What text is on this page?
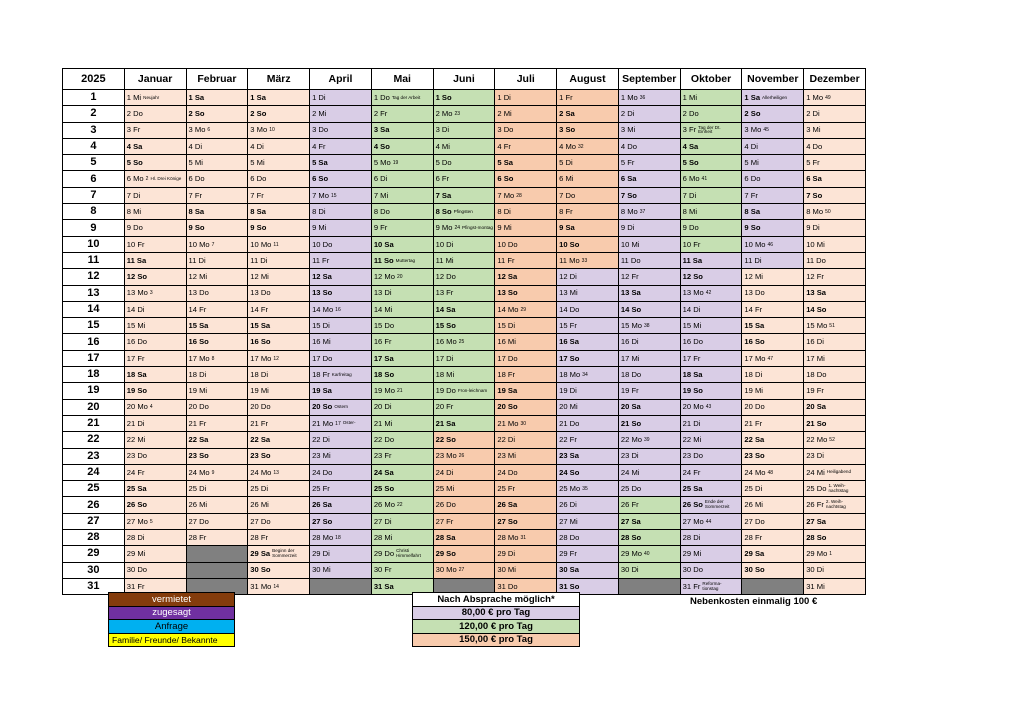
2025	Januar	Februar	März	April	Mai	Juni	Juli	August	September	Oktober	November	Dezember
1	1 Mi Neujahr	1 Sa	1 Sa	1 Di	1 Do Tag der Arbeit	1 So	1 Di	1 Fr	1 Mo 36	1 Mi	1 Sa Allerheiligen	1 Mo 49
2	2 Do	2 So	2 So	2 Mi	2 Fr	2 Mo 23	2 Mi	2 Sa	2 Di	2 Do	2 So	2 Di
3	3 Fr	3 Mo 6	3 Mo 10	3 Do	3 Sa	3 Di	3 Do	3 So	3 Mi	3 Fr Tag der Dt. Einheit	3 Mo 45	3 Mi
4	4 Sa	4 Di	4 Di	4 Fr	4 So	4 Mi	4 Fr	4 Mo 32	4 Do	4 Sa	4 Di	4 Do
5	5 So	5 Mi	5 Mi	5 Sa	5 Mo 19	5 Do	5 Sa	5 Di	5 Fr	5 So	5 Mi	5 Fr
6	6 Mo 2 Hl. Drei Könige	6 Do	6 Do	6 So	6 Di	6 Fr	6 So	6 Mi	6 Sa	6 Mo 41	6 Do	6 Sa
7	7 Di	7 Fr	7 Fr	7 Mo 15	7 Mi	7 Sa	7 Mo 28	7 Do	7 So	7 Di	7 Fr	7 So
8	8 Mi	8 Sa	8 Sa	8 Di	8 Do	8 So Pfingsten	8 Di	8 Fr	8 Mo 37	8 Mi	8 Sa	8 Mo 50
9	9 Do	9 So	9 So	9 Mi	9 Fr	9 Mo 24 Pfingst-montag	9 Mi	9 Sa	9 Di	9 Do	9 So	9 Di
10	10 Fr	10 Mo 7	10 Mo 11	10 Do	10 Sa	10 Di	10 Do	10 So	10 Mi	10 Fr	10 Mo 46	10 Mi
11	11 Sa	11 Di	11 Di	11 Fr	11 So Muttertag	11 Mi	11 Fr	11 Mo 33	11 Do	11 Sa	11 Di	11 Do
12	12 So	12 Mi	12 Mi	12 Sa	12 Mo 20	12 Do	12 Sa	12 Di	12 Fr	12 So	12 Mi	12 Fr
13	13 Mo 3	13 Do	13 Do	13 So	13 Di	13 Fr	13 So	13 Mi	13 Sa	13 Mo 42	13 Do	13 Sa
14	14 Di	14 Fr	14 Fr	14 Mo 16	14 Mi	14 Sa	14 Mo 29	14 Do	14 So	14 Di	14 Fr	14 So
15	15 Mi	15 Sa	15 Sa	15 Di	15 Do	15 So	15 Di	15 Fr	15 Mo 38	15 Mi	15 Sa	15 Mo 51
16	16 Do	16 So	16 So	16 Mi	16 Fr	16 Mo 25	16 Mi	16 Sa	16 Di	16 Do	16 So	16 Di
17	17 Fr	17 Mo 8	17 Mo 12	17 Do	17 Sa	17 Di	17 Do	17 So	17 Mi	17 Fr	17 Mo 47	17 Mi
18	18 Sa	18 Di	18 Di	18 Fr Karfreitag	18 So	18 Mi	18 Fr	18 Mo 34	18 Do	18 Sa	18 Di	18 Do
19	19 So	19 Mi	19 Mi	19 Sa	19 Mo 21	19 Do Fron-leichnam	19 Sa	19 Di	19 Fr	19 So	19 Mi	19 Fr
20	20 Mo 4	20 Do	20 Do	20 So Ostern	20 Di	20 Fr	20 So	20 Mi	20 Sa	20 Mo 43	20 Do	20 Sa
21	21 Di	21 Fr	21 Fr	21 Mo 17 Oster-	21 Mi	21 Sa	21 Mo 30	21 Do	21 So	21 Di	21 Fr	21 So
22	22 Mi	22 Sa	22 Sa	22 Di	22 Do	22 So	22 Di	22 Fr	22 Mo 39	22 Mi	22 Sa	22 Mo 52
23	23 Do	23 So	23 So	23 Mi	23 Fr	23 Mo 26	23 Mi	23 Sa	23 Di	23 Do	23 So	23 Di
24	24 Fr	24 Mo 9	24 Mo 13	24 Do	24 Sa	24 Di	24 Do	24 So	24 Mi	24 Fr	24 Mo 48	24 Mi Heiligabend
25	25 Sa	25 Di	25 Di	25 Fr	25 So	25 Mi	25 Fr	25 Mo 35	25 Do	25 Sa	25 Di	25 Do 1. Weih-nachtstag
26	26 So	26 Mi	26 Mi	26 Sa	26 Mo 22	26 Do	26 Sa	26 Di	26 Fr	26 So Ende der Sommerzeit	26 Mi	26 Fr 2. Weih-nachtstag
27	27 Mo 5	27 Do	27 Do	27 So	27 Di	27 Fr	27 So	27 Mi	27 Sa	27 Mo 44	27 Do	27 Sa
28	28 Di	28 Fr	28 Fr	28 Mo 18	28 Mi	28 Sa	28 Mo 31	28 Do	28 So	28 Di	28 Fr	28 So
29	29 Mi		29 Sa Beginn der Sommerzeit	29 Di	29 Do Christi Himmelfahrt	29 So	29 Di	29 Fr	29 Mo 40	29 Mi	29 Sa	29 Mo 1
30	30 Do		30 So	30 Mi	30 Fr	30 Mo 27	30 Mi	30 Sa	30 Di	30 Do	30 So	30 Di
31	31 Fr		31 Mo 14		31 Sa		31 Do	31 So		31 Fr Reforma-tionstag		31 Mi
vermietet
zugesagt
Anfrage
Familie/ Freunde/ Bekannte
Nach Absprache möglich*
80,00 € pro Tag
120,00 € pro Tag
150,00 € pro Tag
Nebenkosten einmalig 100 €
